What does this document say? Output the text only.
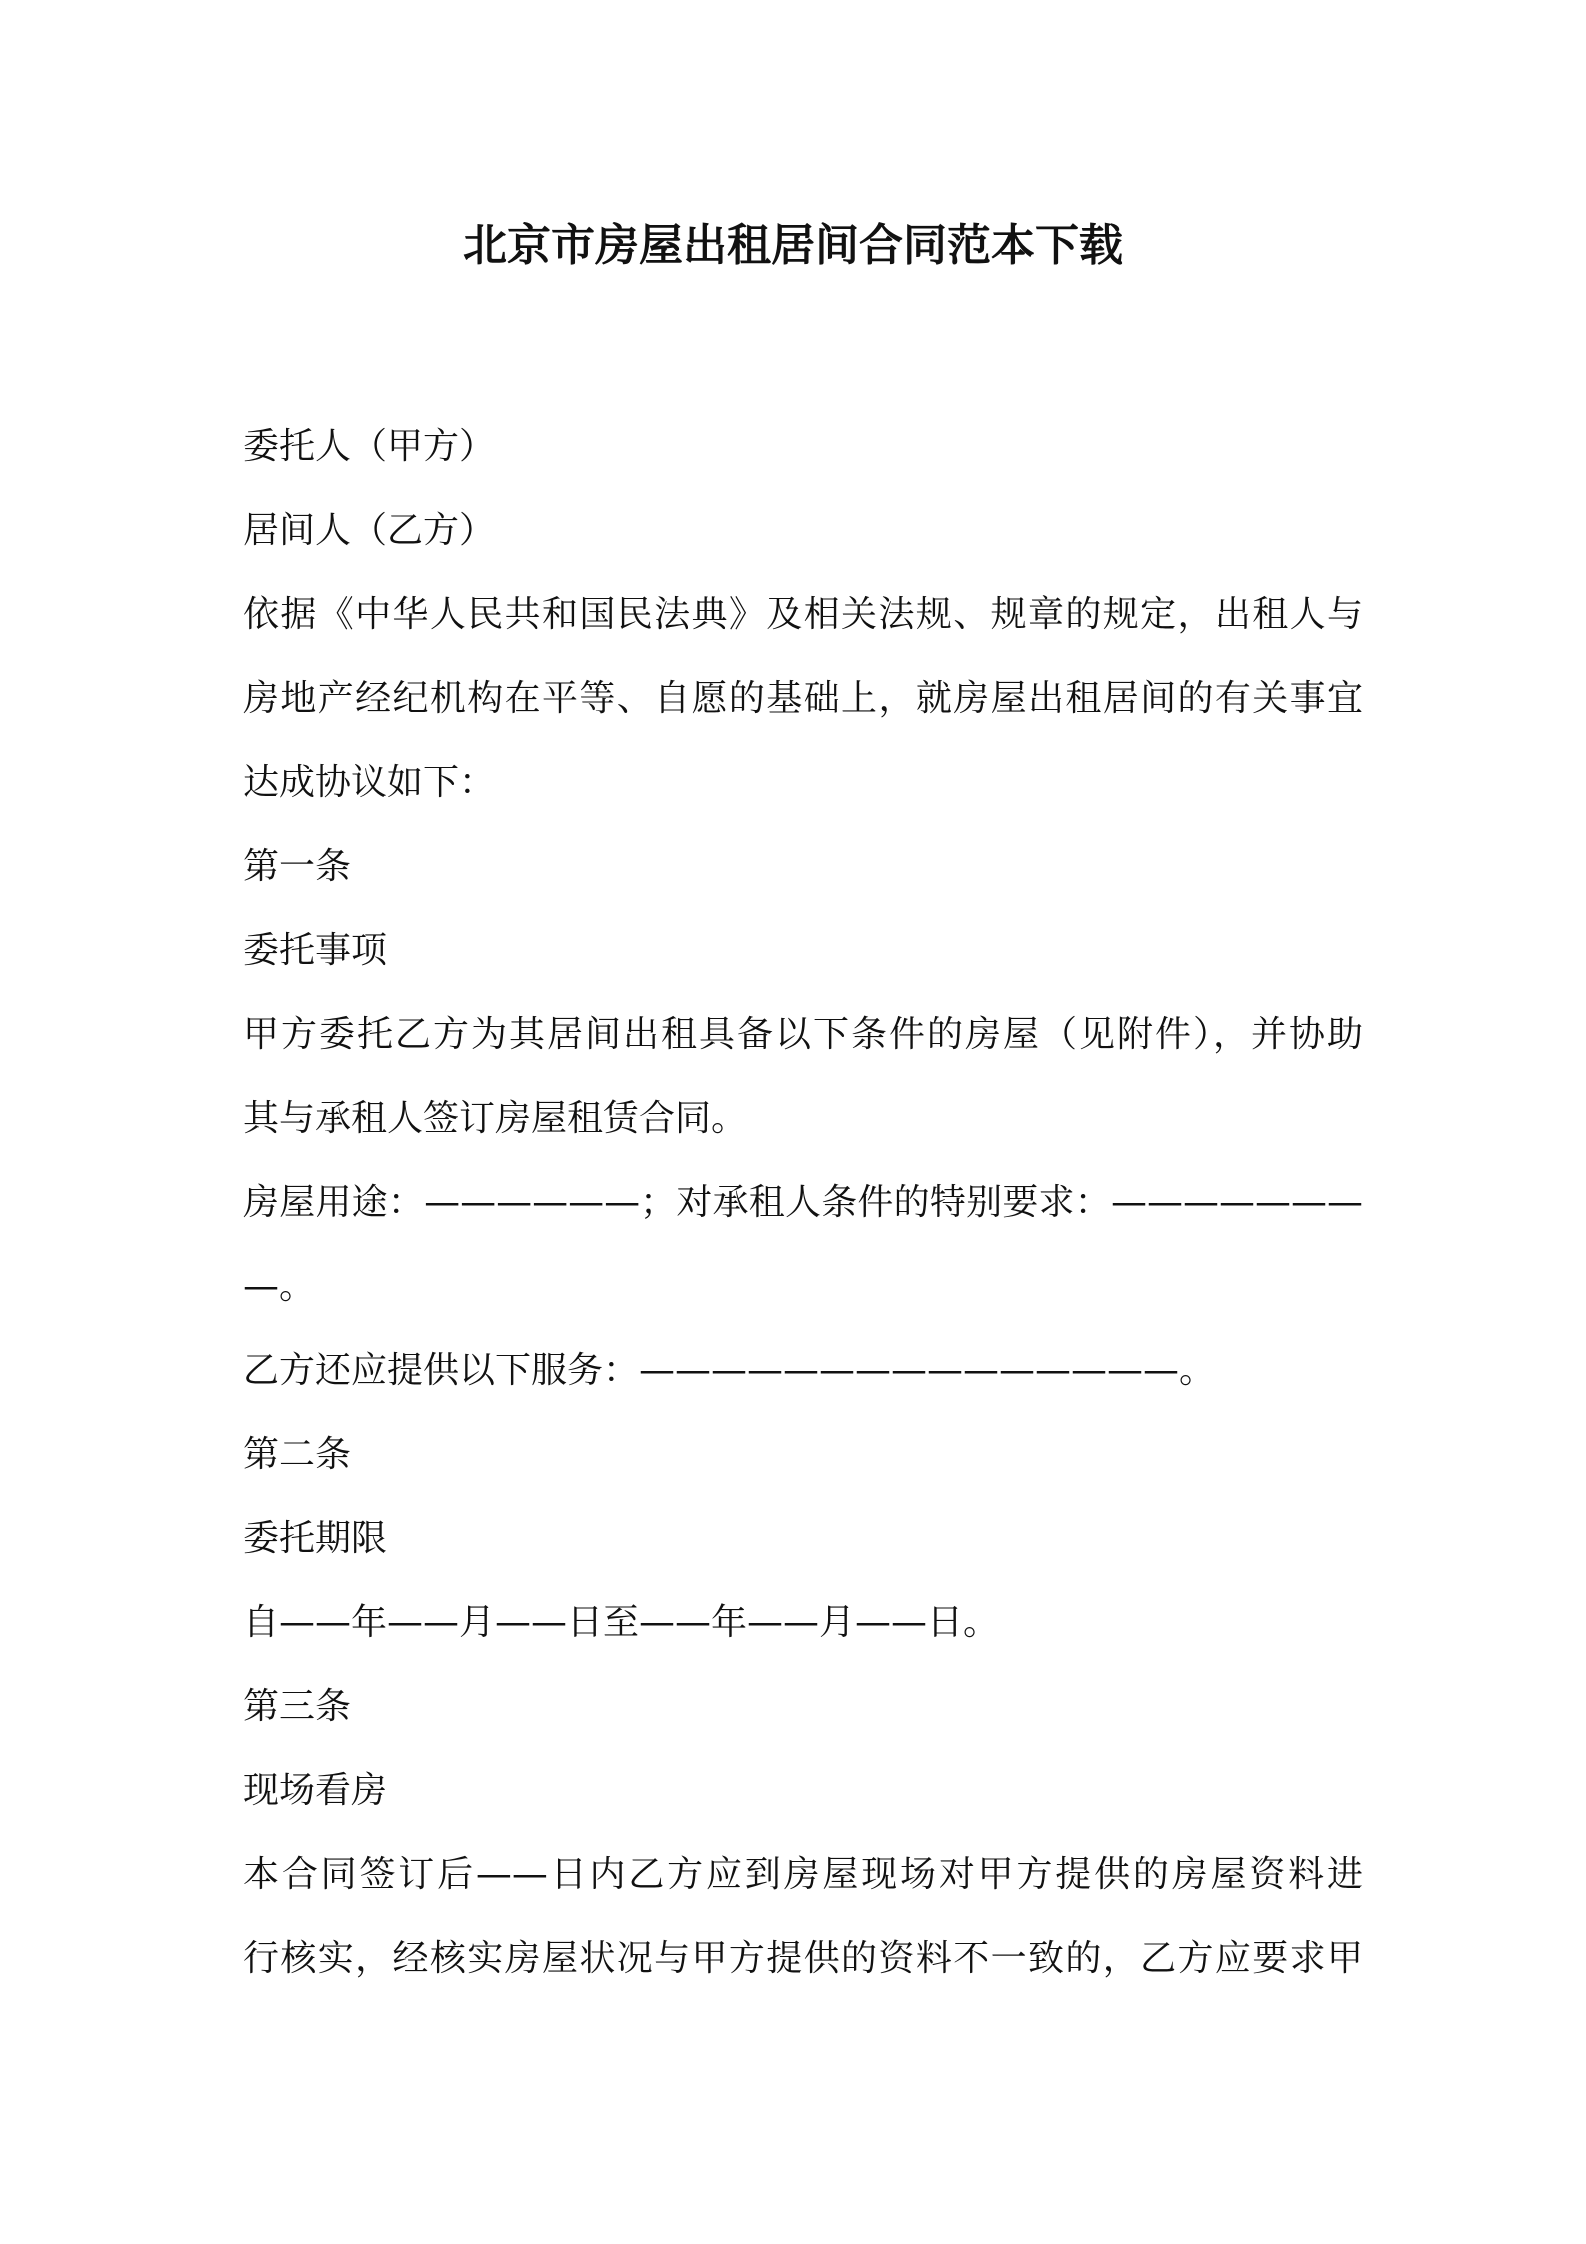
北京市房屋出租居间合同范本下载
委托人（甲方）
居间人（乙方）
依据《中华人民共和国民法典》及相关法规、规章的规定，出租人与
房地产经纪机构在平等、自愿的基础上，就房屋出租居间的有关事宜
达成协议如下：
第一条
委托事项
甲方委托乙方为其居间出租具备以下条件的房屋（见附件），并协助
其与承租人签订房屋租赁合同。
房屋用途：——————；对承租人条件的特别要求：———————
—。
乙方还应提供以下服务：———————————————。
第二条
委托期限
自——年——月——日至——年——月——日。
第三条
现场看房
本合同签订后——日内乙方应到房屋现场对甲方提供的房屋资料进
行核实，经核实房屋状况与甲方提供的资料不一致的，乙方应要求甲
